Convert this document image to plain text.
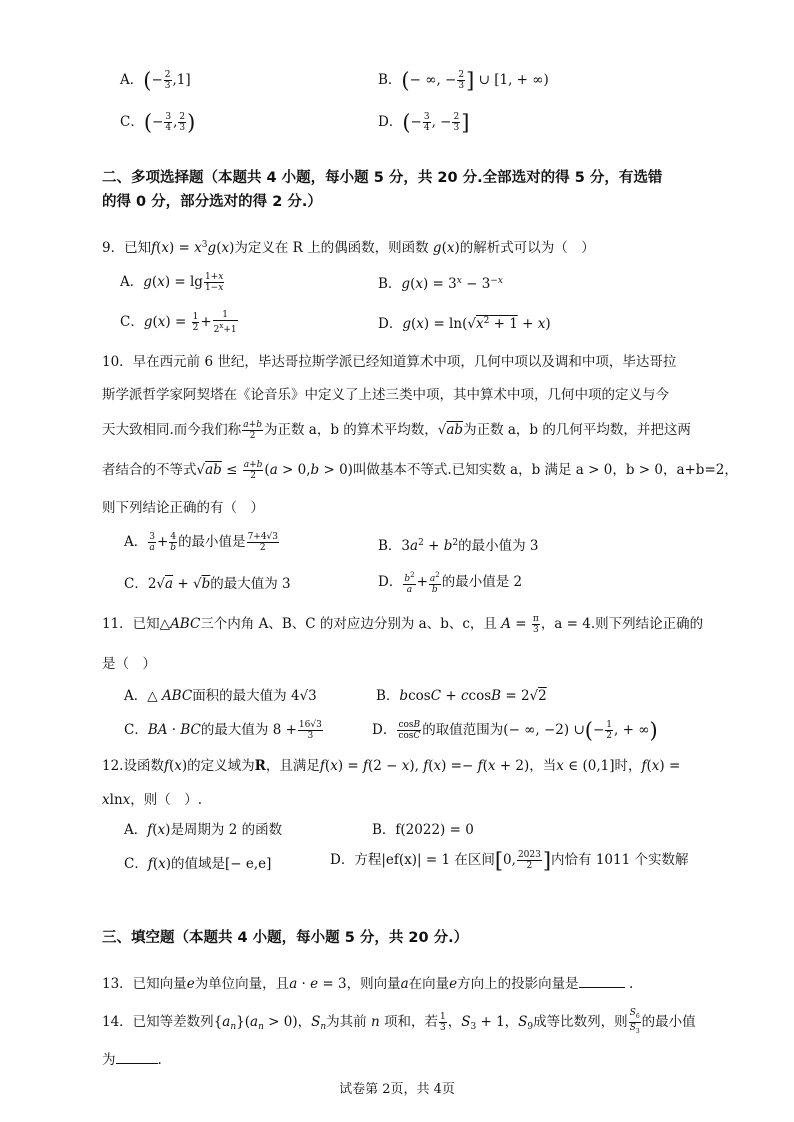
A．(− $\frac{2}{3} ,1$]	B．(− ∞, − $\frac{2}{3}$ ] ∪ [1, + ∞)
C．(− $\frac{3}{4}$ , $\frac{2}{3}$ )	D．(− $\frac{3}{4}$ , − $\frac{2}{3}$ ]
二、多项选择题（本题共 4 小题，每小题 5 分，共 20 分.全部选对的得 5 分，有选错
的得 0 分，部分选对的得 2 分.）
9．已知$f(x) = x^3g(x)$为定义在 R 上的偶函数，则函数 g(x)的解析式可以为（　）
A．$g(x) = \lg \frac{1+x}{1-x}$	B．$g(x) = 3^x - 3^{-x}$
C．$g(x) = \frac{1}{2} + \frac{1}{2^x+1}$	D．$g(x) = \ln(√x^2 + 1 + x)$
10．早在西元前 6 世纪，毕达哥拉斯学派已经知道算术中项，几何中项以及调和中项，毕达哥拉
斯学派哲学家阿契塔在《论音乐》中定义了上述三类中项，其中算术中项，几何中项的定义与今
天大致相同.而今我们称 $\frac{a+b}{2}$ 为正数 a，b 的算术平均数，√ab为正数 a，b 的几何平均数，并把这两
者结合的不等式$√ab \le \frac{a+b}{2} (a > 0,b > 0)$叫做基本不等式.已知实数 a，b 满足 a > 0，b > 0，a+b=2，
则下列结论正确的有（　）
A． $\frac{3}{a} + \frac{4}{b}$ 的最小值是 $\frac{7+4√3}{2}$	B．$3a^2 + b^2$的最小值为 3
C．2√a + √b的最大值为 3	D． $\frac{b^2}{a} + \frac{a^2}{b}$ 的最小值是 2
11．已知△ABC三个内角 A、B、C 的对应边分别为 a、b、c，且 $A = \frac{\pi}{3}$ ，a = 4.则下列结论正确的
是（　）
A．△ ABC面积的最大值为 4√3	B．bcosC + ccosB = 2√2
C．BA · BC的最大值为 $8 + \frac{16√3}{3}$	D． $\frac{\cos B}{\cos C}$ 的取值范围为(− ∞, −2) ∪(− $\frac{1}{2}$ , + ∞)
12.设函数f(x)的定义域为R，且满足f(x) = f(2 − x), f(x) =− f(x + 2)，当x ∈ (0,1]时，f(x) =
xlnx，则（　）.
A．f(x)是周期为 2 的函数	B．f(2022) = 0
C．f(x)的值域是[− e,e]	D．方程|ef(x)| = 1 在区间[0, $\frac{2023}{2}$ ]内恰有 1011 个实数解
三、填空题（本题共 4 小题，每小题 5 分，共 20 分.）
13．已知向量e为单位向量，且a · e = 3，则向量a在向量e方向上的投影向量是	.
14．已知等差数列$\{a_n\}(a_n > 0)$，$S_n$为其前 n 项和，若 $\frac{1}{3}$ ，$S_3 + 1$，$S_9$成等比数列，则 $\frac{S_6}{S_3}$ 的最小值
为	.
试卷第 2页，共 4页
